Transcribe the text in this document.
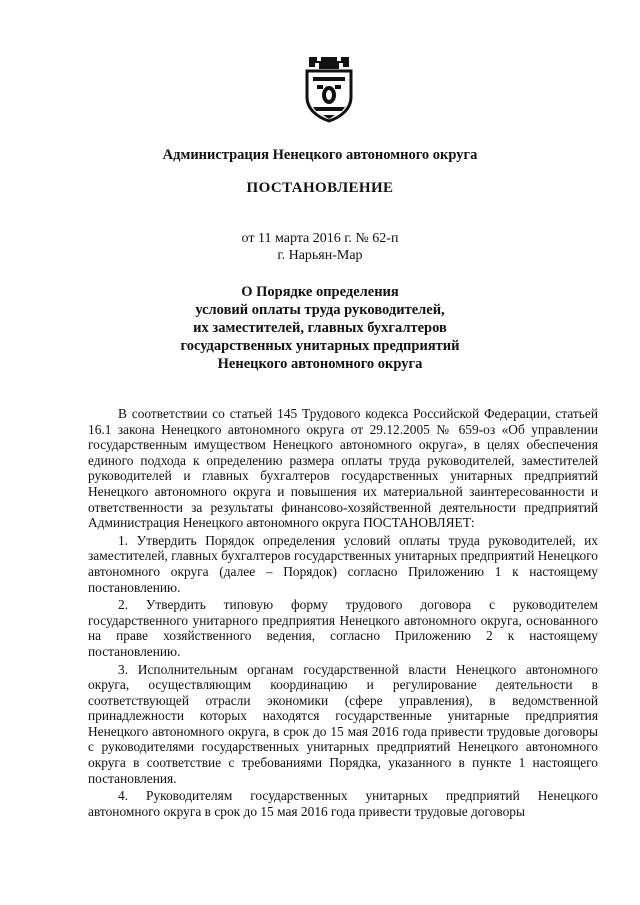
Администрация Ненецкого автономного округа
ПОСТАНОВЛЕНИЕ
от 11 марта 2016 г. № 62-п
г. Нарьян-Мар
О Порядке определения
условий оплаты труда руководителей,
их заместителей, главных бухгалтеров
государственных унитарных предприятий
Ненецкого автономного округа

В соответствии со статьей 145 Трудового кодекса Российской Федерации, статьей 16.1 закона Ненецкого автономного округа от 29.12.2005 № 659-оз «Об управлении государственным имуществом Ненецкого автономного округа», в целях обеспечения единого подхода к определению размера оплаты труда руководителей, заместителей руководителей и главных бухгалтеров государственных унитарных предприятий Ненецкого автономного округа и повышения их материальной заинтересованности и ответственности за результаты финансово-хозяйственной деятельности предприятий Администрация Ненецкого автономного округа ПОСТАНОВЛЯЕТ:

1. Утвердить Порядок определения условий оплаты труда руководителей, их заместителей, главных бухгалтеров государственных унитарных предприятий Ненецкого автономного округа (далее – Порядок) согласно Приложению 1 к настоящему постановлению.

2. Утвердить типовую форму трудового договора с руководителем государственного унитарного предприятия Ненецкого автономного округа, основанного на праве хозяйственного ведения, согласно Приложению 2 к настоящему постановлению.

3. Исполнительным органам государственной власти Ненецкого автономного округа, осуществляющим координацию и регулирование деятельности в соответствующей отрасли экономики (сфере управления), в ведомственной принадлежности которых находятся государственные унитарные предприятия Ненецкого автономного округа, в срок до 15 мая 2016 года привести трудовые договоры с руководителями государственных унитарных предприятий Ненецкого автономного округа в соответствие с требованиями Порядка, указанного в пункте 1 настоящего постановления.

4. Руководителям государственных унитарных предприятий Ненецкого автономного округа в срок до 15 мая 2016 года привести трудовые договоры
